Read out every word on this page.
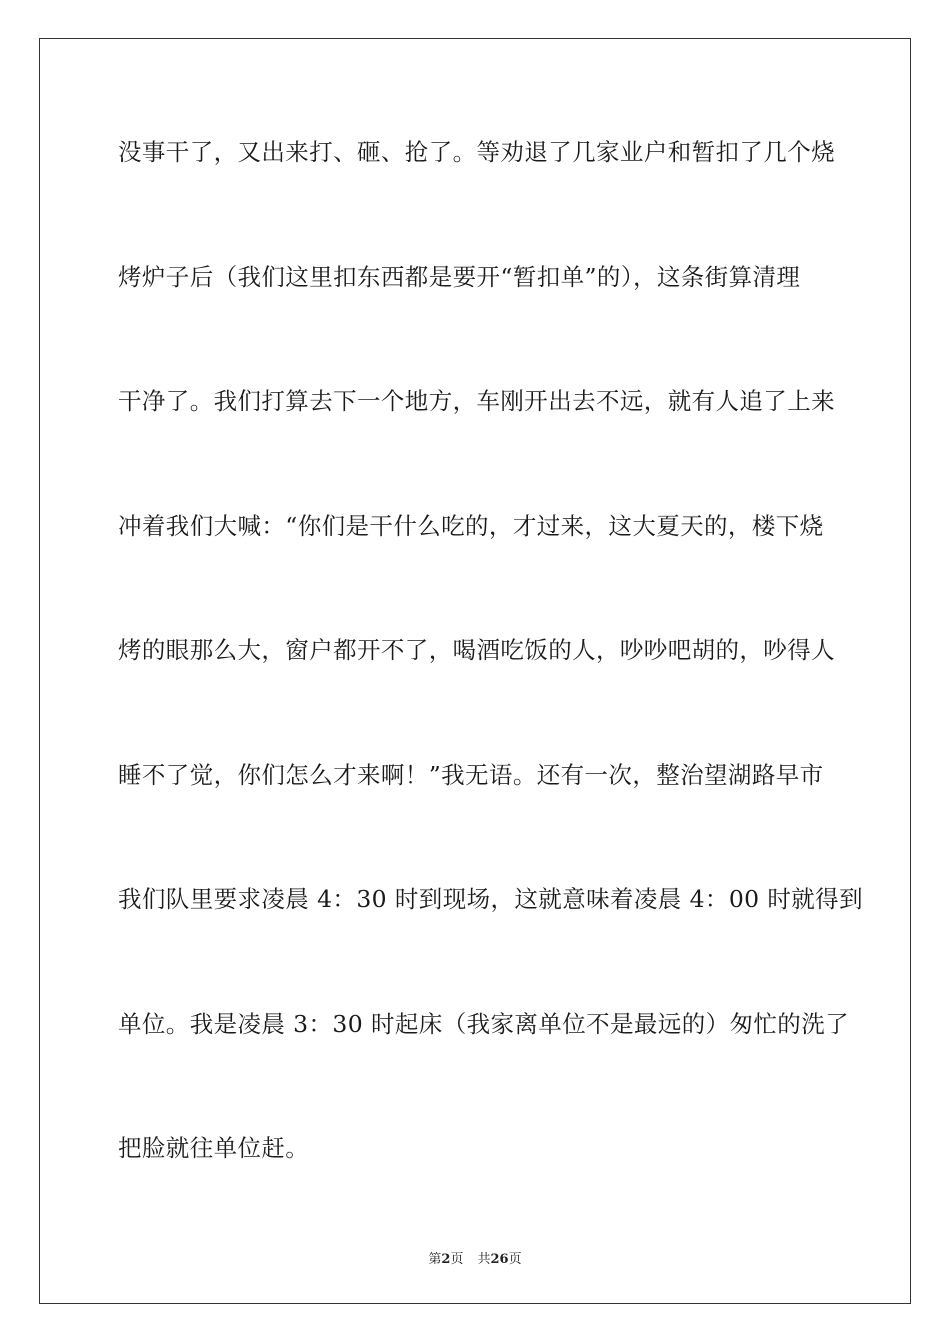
没事干了，又出来打、砸、抢了。等劝退了几家业户和暂扣了几个烧
烤炉子后（我们这里扣东西都是要开“暂扣单”的），这条街算清理
干净了。我们打算去下一个地方，车刚开出去不远，就有人追了上来
冲着我们大喊：“你们是干什么吃的，才过来，这大夏天的，楼下烧
烤的眼那么大，窗户都开不了，喝酒吃饭的人，吵吵吧胡的，吵得人
睡不了觉，你们怎么才来啊！”我无语。还有一次，整治望湖路早市
我们队里要求凌晨 4：30 时到现场，这就意味着凌晨 4：00 时就得到
单位。我是凌晨 3：30 时起床（我家离单位不是最远的）匆忙的洗了
把脸就往单位赶。
第2页 共26页
